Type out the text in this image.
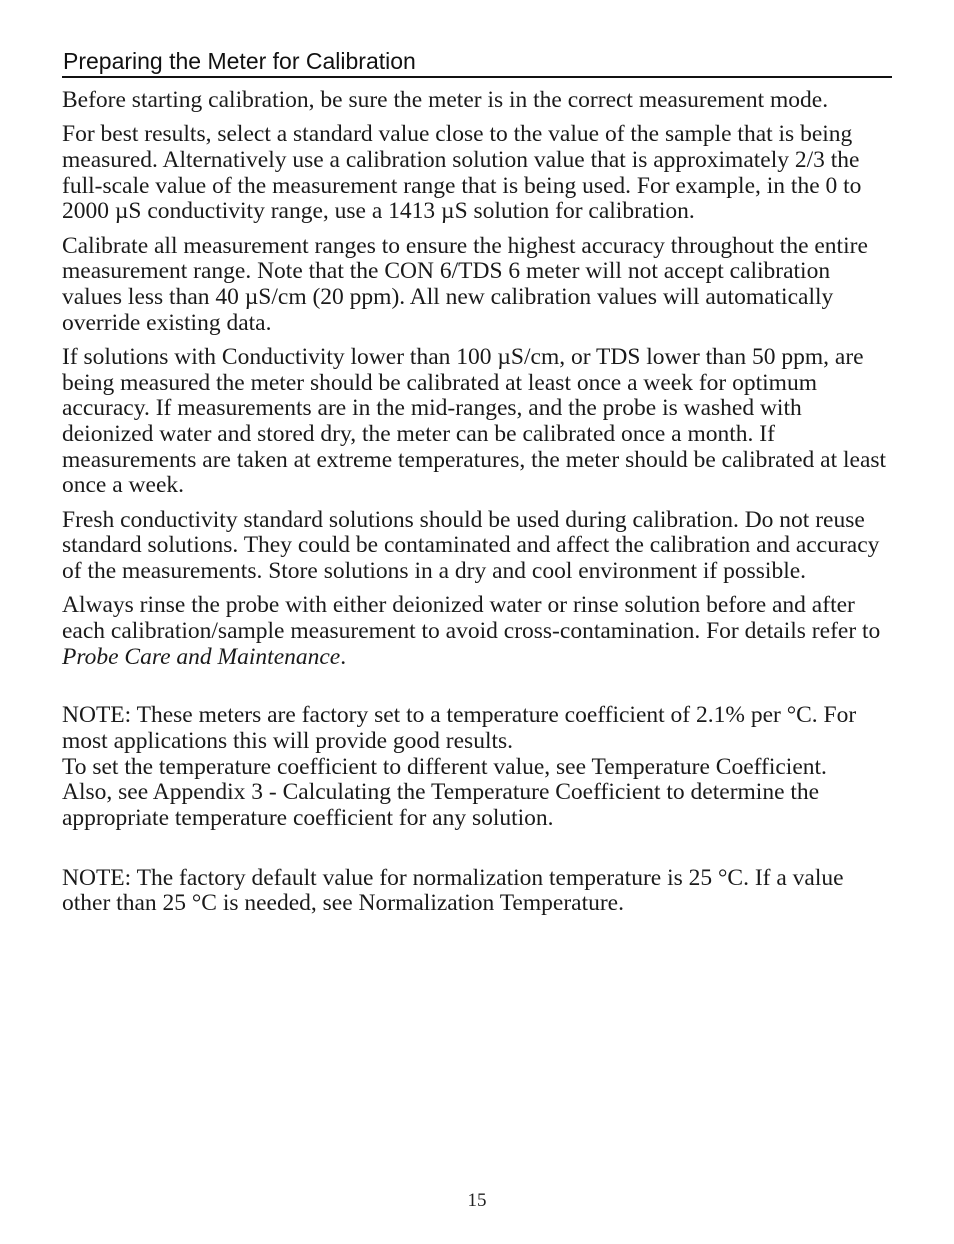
Preparing the Meter for Calibration

Before starting calibration, be sure the meter is in the correct measurement mode.

For best results, select a standard value close to the value of the sample that is being measured. Alternatively use a calibration solution value that is approximately 2/3 the full-scale value of the measurement range that is being used. For example, in the 0 to 2000 µS conductivity range, use a 1413 µS solution for calibration.

Calibrate all measurement ranges to ensure the highest accuracy throughout the entire measurement range. Note that the CON 6/TDS 6 meter will not accept calibration values less than 40 µS/cm (20 ppm). All new calibration values will automatically override existing data.

If solutions with Conductivity lower than 100 µS/cm, or TDS lower than 50 ppm, are being measured the meter should be calibrated at least once a week for optimum accuracy. If measurements are in the mid-ranges, and the probe is washed with deionized water and stored dry, the meter can be calibrated once a month. If measurements are taken at extreme temperatures, the meter should be calibrated at least once a week.

Fresh conductivity standard solutions should be used during calibration. Do not reuse standard solutions. They could be contaminated and affect the calibration and accuracy of the measurements. Store solutions in a dry and cool environment if possible.

Always rinse the probe with either deionized water or rinse solution before and after each calibration/sample measurement to avoid cross-contamination. For details refer to Probe Care and Maintenance.

NOTE: These meters are factory set to a temperature coefficient of 2.1% per °C. For most applications this will provide good results.

To set the temperature coefficient to different value, see Temperature Coefficient.

Also, see Appendix 3 - Calculating the Temperature Coefficient to determine the appropriate temperature coefficient for any solution.

NOTE: The factory default value for normalization temperature is 25 °C. If a value other than 25 °C is needed, see Normalization Temperature.

15
